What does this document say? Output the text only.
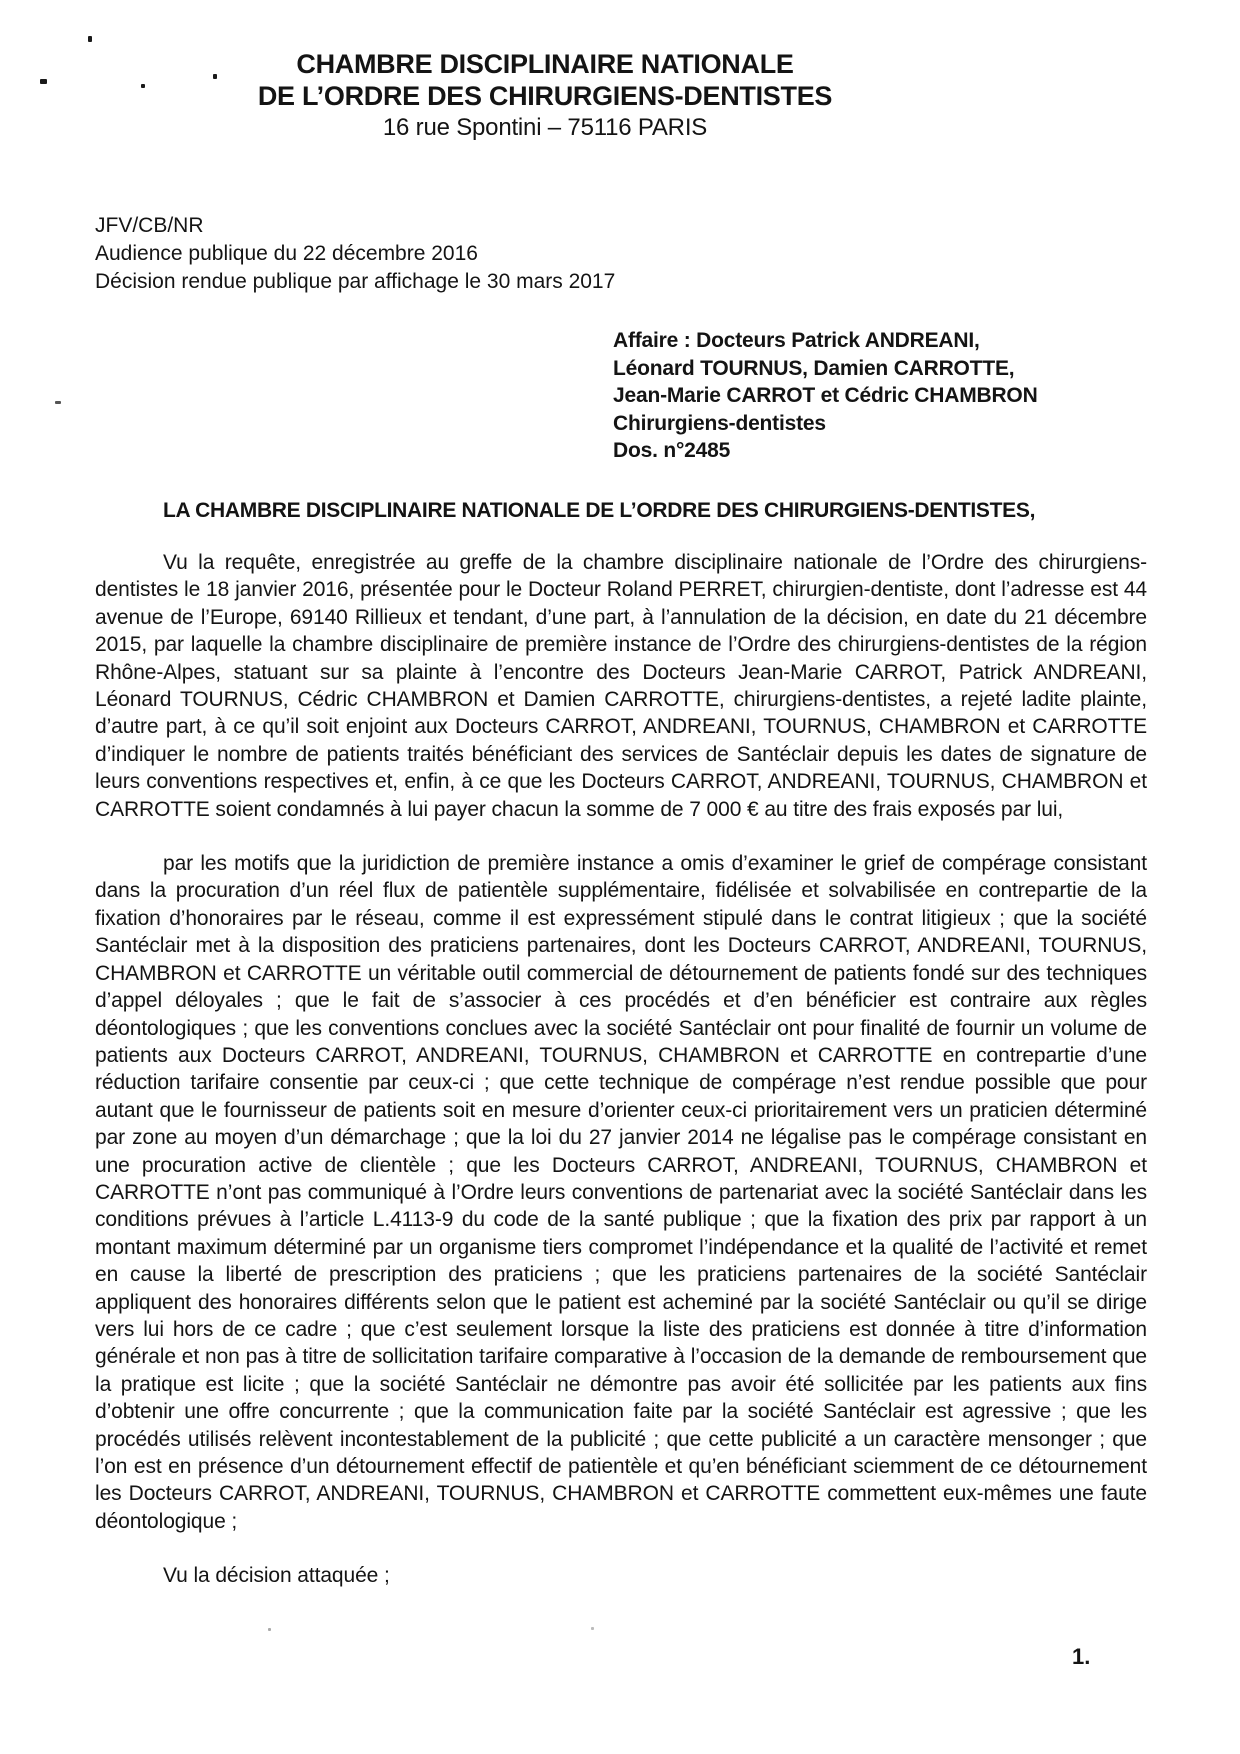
CHAMBRE DISCIPLINAIRE NATIONALE
DE L’ORDRE DES CHIRURGIENS-DENTISTES
16 rue Spontini – 75116 PARIS
JFV/CB/NR
Audience publique du 22 décembre 2016
Décision rendue publique par affichage le 30 mars 2017
Affaire : Docteurs Patrick ANDREANI,
Léonard TOURNUS, Damien CARROTTE,
Jean-Marie CARROT et Cédric CHAMBRON
Chirurgiens-dentistes
Dos. n°2485
LA CHAMBRE DISCIPLINAIRE NATIONALE DE L’ORDRE DES CHIRURGIENS-DENTISTES,

Vu la requête, enregistrée au greffe de la chambre disciplinaire nationale de l’Ordre des chirurgiens-dentistes le 18 janvier 2016, présentée pour le Docteur Roland PERRET, chirurgien-dentiste, dont l’adresse est 44 avenue de l’Europe, 69140 Rillieux et tendant, d’une part, à l’annulation de la décision, en date du 21 décembre 2015, par laquelle la chambre disciplinaire de première instance de l’Ordre des chirurgiens-dentistes de la région Rhône-Alpes, statuant sur sa plainte à l’encontre des Docteurs Jean-Marie CARROT, Patrick ANDREANI, Léonard TOURNUS, Cédric CHAMBRON et Damien CARROTTE, chirurgiens-dentistes, a rejeté ladite plainte, d’autre part, à ce qu’il soit enjoint aux Docteurs CARROT, ANDREANI, TOURNUS, CHAMBRON et CARROTTE d’indiquer le nombre de patients traités bénéficiant des services de Santéclair depuis les dates de signature de leurs conventions respectives et, enfin, à ce que les Docteurs CARROT, ANDREANI, TOURNUS, CHAMBRON et CARROTTE soient condamnés à lui payer chacun la somme de 7 000 € au titre des frais exposés par lui,

par les motifs que la juridiction de première instance a omis d’examiner le grief de compérage consistant dans la procuration d’un réel flux de patientèle supplémentaire, fidélisée et solvabilisée en contrepartie de la fixation d’honoraires par le réseau, comme il est expressément stipulé dans le contrat litigieux ; que la société Santéclair met à la disposition des praticiens partenaires, dont les Docteurs CARROT, ANDREANI, TOURNUS, CHAMBRON et CARROTTE un véritable outil commercial de détournement de patients fondé sur des techniques d’appel déloyales ; que le fait de s’associer à ces procédés et d’en bénéficier est contraire aux règles déontologiques ; que les conventions conclues avec la société Santéclair ont pour finalité de fournir un volume de patients aux Docteurs CARROT, ANDREANI, TOURNUS, CHAMBRON et CARROTTE en contrepartie d’une réduction tarifaire consentie par ceux-ci ; que cette technique de compérage n’est rendue possible que pour autant que le fournisseur de patients soit en mesure d’orienter ceux-ci prioritairement vers un praticien déterminé par zone au moyen d’un démarchage ; que la loi du 27 janvier 2014 ne légalise pas le compérage consistant en une procuration active de clientèle ; que les Docteurs CARROT, ANDREANI, TOURNUS, CHAMBRON et CARROTTE n’ont pas communiqué à l’Ordre leurs conventions de partenariat avec la société Santéclair dans les conditions prévues à l’article L.4113-9 du code de la santé publique ; que la fixation des prix par rapport à un montant maximum déterminé par un organisme tiers compromet l’indépendance et la qualité de l’activité et remet en cause la liberté de prescription des praticiens ; que les praticiens partenaires de la société Santéclair appliquent des honoraires différents selon que le patient est acheminé par la société Santéclair ou qu’il se dirige vers lui hors de ce cadre ; que c’est seulement lorsque la liste des praticiens est donnée à titre d’information générale et non pas à titre de sollicitation tarifaire comparative à l’occasion de la demande de remboursement que la pratique est licite ; que la société Santéclair ne démontre pas avoir été sollicitée par les patients aux fins d’obtenir une offre concurrente ; que la communication faite par la société Santéclair est agressive ; que les procédés utilisés relèvent incontestablement de la publicité ; que cette publicité a un caractère mensonger ; que l’on est en présence d’un détournement effectif de patientèle et qu’en bénéficiant sciemment de ce détournement les Docteurs CARROT, ANDREANI, TOURNUS, CHAMBRON et CARROTTE commettent eux-mêmes une faute déontologique ;

Vu la décision attaquée ;

1.
